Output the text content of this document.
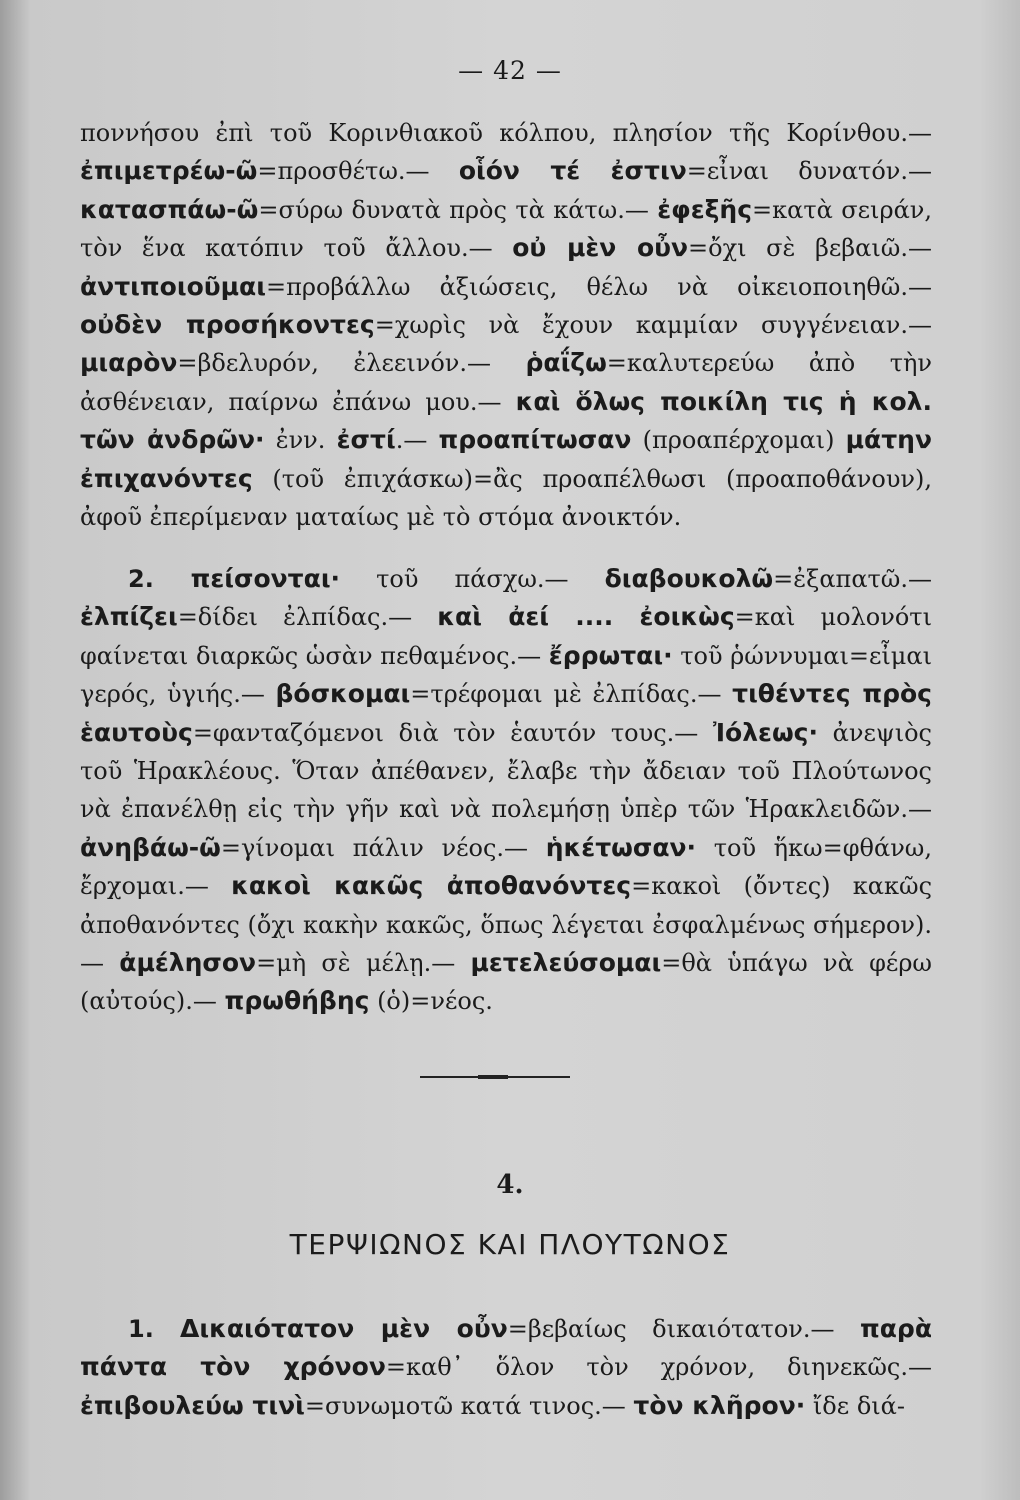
— 42 —

πoννήσου ἐπὶ τοῦ Κορινθιακοῦ κόλπου, πλησίον τῆς Κορίνθου.— ἐπιμετρέω-ῶ=προσθέτω.— οἷόν τέ ἐστιν=εἶναι δυνατόν.— κατασπάω-ῶ=σύρω δυνατὰ πρὸς τὰ κάτω.— ἐφεξῆς=κατὰ σειράν, τὸν ἕνα κατόπιν τοῦ ἄλλου.— οὐ μὲν οὖν=ὄχι σὲ βεβαιῶ.— ἀντιποιοῦμαι=προβάλλω ἀξιώσεις, θέλω νὰ οἰκειοποιηθῶ.— οὐδὲν προσήκοντες=χωρὶς νὰ ἔχουν καμμίαν συγγένειαν.— μιαρὸν=βδελυρόν, ἐλεεινόν.— ῥαΐζω=καλυτερεύω ἀπὸ τὴν ἀσθένειαν, παίρνω ἐπάνω μου.— καὶ ὅλως ποικίλη τις ἡ κολ. τῶν ἀνδρῶν· ἐνν. ἐστί.— προαπίτωσαν (προαπέρχομαι) μάτην ἐπιχανόντες (τοῦ ἐπιχάσκω)=ἂς προαπέλθωσι (προαποθάνουν), ἀφοῦ ἐπερίμεναν ματαίως μὲ τὸ στόμα ἀνοικτόν.

2. πείσονται· τοῦ πάσχω.— διαβουκολῶ=ἐξαπατῶ.— ἐλπίζει=δίδει ἐλπίδας.— καὶ ἀεί .... ἐοικὼς=καὶ μολονότι φαίνεται διαρκῶς ὡσὰν πεθαμένος.— ἔρρωται· τοῦ ῥώννυμαι=εἶμαι γερός, ὑγιής.— βόσκομαι=τρέφομαι μὲ ἐλπίδας.— τιθέντες πρὸς ἑαυτοὺς=φανταζόμενοι διὰ τὸν ἑαυτόν τους.— Ἰόλεως· ἀνεψιὸς τοῦ Ἡρακλέους. Ὅταν ἀπέθανεν, ἔλαβε τὴν ἄδειαν τοῦ Πλούτωνος νὰ ἐπανέλθῃ εἰς τὴν γῆν καὶ νὰ πολεμήσῃ ὑπὲρ τῶν Ἡρακλειδῶν.— ἀνηβάω-ῶ=γίνομαι πάλιν νέος.— ἡκέτωσαν· τοῦ ἥκω=φθάνω, ἔρχομαι.— κακοὶ κακῶς ἀποθανόντες=κακοὶ (ὄντες) κακῶς ἀποθανόντες (ὄχι κακὴν κακῶς, ὅπως λέγεται ἐσφαλμένως σήμερον).— ἀμέλησον=μὴ σὲ μέλῃ.— μετελεύσομαι=θὰ ὑπάγω νὰ φέρω (αὐτούς).— πρωθήβης (ὁ)=νέος.

4.
ΤΕΡΨΙΩΝΟΣ ΚΑΙ ΠΛΟΥΤΩΝΟΣ

1. Δικαιότατον μὲν οὖν=βεβαίως δικαιότατον.— παρὰ πάντα τὸν χρόνον=καθ᾽ ὅλον τὸν χρόνον, διηνεκῶς.— ἐπιβουλεύω τινὶ=συνωμοτῶ κατά τινος.— τὸν κλῆρον· ἴδε διά-
